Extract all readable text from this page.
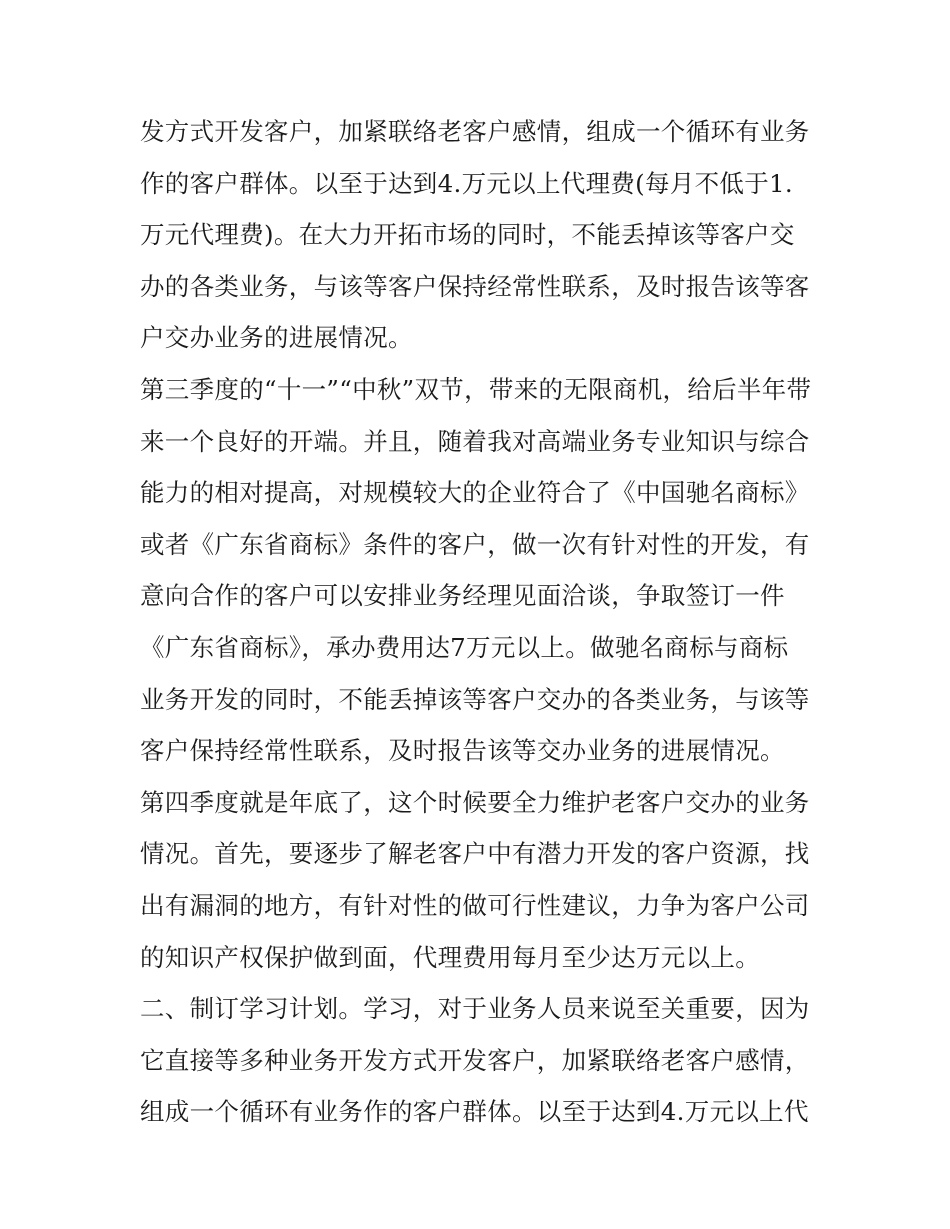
发方式开发客户，加紧联络老客户感情，组成一个循环有业务
作的客户群体。以至于达到4.万元以上代理费(每月不低于1.
万元代理费)。在大力开拓市场的同时，不能丢掉该等客户交
办的各类业务，与该等客户保持经常性联系，及时报告该等客
户交办业务的进展情况。
第三季度的“十一”“中秋”双节，带来的无限商机，给后半年带
来一个良好的开端。并且，随着我对高端业务专业知识与综合
能力的相对提高，对规模较大的企业符合了《中国驰名商标》
或者《广东省商标》条件的客户，做一次有针对性的开发，有
意向合作的客户可以安排业务经理见面洽谈，争取签订一件
《广东省商标》，承办费用达7万元以上。做驰名商标与商标
业务开发的同时，不能丢掉该等客户交办的各类业务，与该等
客户保持经常性联系，及时报告该等交办业务的进展情况。
第四季度就是年底了，这个时候要全力维护老客户交办的业务
情况。首先，要逐步了解老客户中有潜力开发的客户资源，找
出有漏洞的地方，有针对性的做可行性建议，力争为客户公司
的知识产权保护做到面，代理费用每月至少达万元以上。
二、制订学习计划。学习，对于业务人员来说至关重要，因为
它直接等多种业务开发方式开发客户，加紧联络老客户感情，
组成一个循环有业务作的客户群体。以至于达到4.万元以上代
